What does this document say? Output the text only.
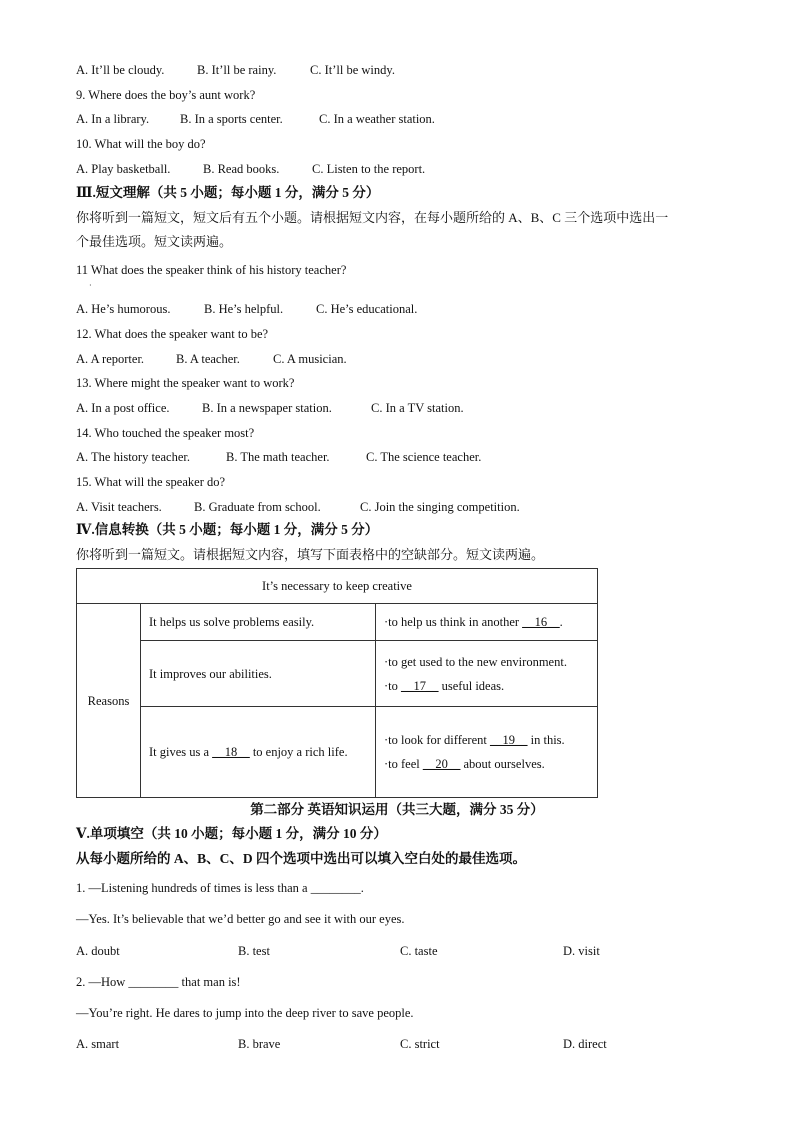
A. It’ll be cloudy.	B. It’ll be rainy.	C. It’ll be windy.
9. Where does the boy’s aunt work?
A. In a library. B. In a sports center.	C. In a weather station.
10. What will the boy do?
A. Play basketball.	B. Read books.	C. Listen to the report.
Ⅲ.短文理解（共 5 小题；每小题 1 分，满分 5 分）
你将听到一篇短文，短文后有五个小题。请根据短文内容，在每小题所给的 A、B、C 三个选项中选出一
个最佳选项。短文读两遍。
11 What does the speaker think of his history teacher?
·
A. He’s humorous.	B. He’s helpful.	C. He’s educational.
12. What does the speaker want to be?
A. A reporter.	B. A teacher.	C. A musician.
13. Where might the speaker want to work?
A. In a post office.	B. In a newspaper station.	C. In a TV station.
14. Who touched the speaker most?
A. The history teacher.	B. The math teacher.	C. The science teacher.
15. What will the speaker do?
A. Visit teachers.	B. Graduate from school.	C. Join the singing competition.
Ⅳ.信息转换（共 5 小题；每小题 1 分，满分 5 分）
你将听到一篇短文。请根据短文内容，填写下面表格中的空缺部分。短文读两遍。
It’s necessary to keep creative		
Reasons	It helps us solve problems easily.	·to help us think in another __16__.
	It improves our abilities.	·to get used to the new environment.
·to __17__ useful ideas.

	It gives us a __18__ to enjoy a rich life.	·to look for different __19__ in this.
·to feel __20__ about ourselves.
第二部分 英语知识运用（共三大题，满分 35 分）
Ⅴ.单项填空（共 10 小题；每小题 1 分，满分 10 分）
从每小题所给的 A、B、C、D 四个选项中选出可以填入空白处的最佳选项。
1. —Listening hundreds of times is less than a ________.
—Yes. It’s believable that we’d better go and see it with our eyes.
A. doubt	B. test	C. taste	D. visit
2. —How ________ that man is!
—You’re right. He dares to jump into the deep river to save people.
A. smart	B. brave	C. strict	D. direct
